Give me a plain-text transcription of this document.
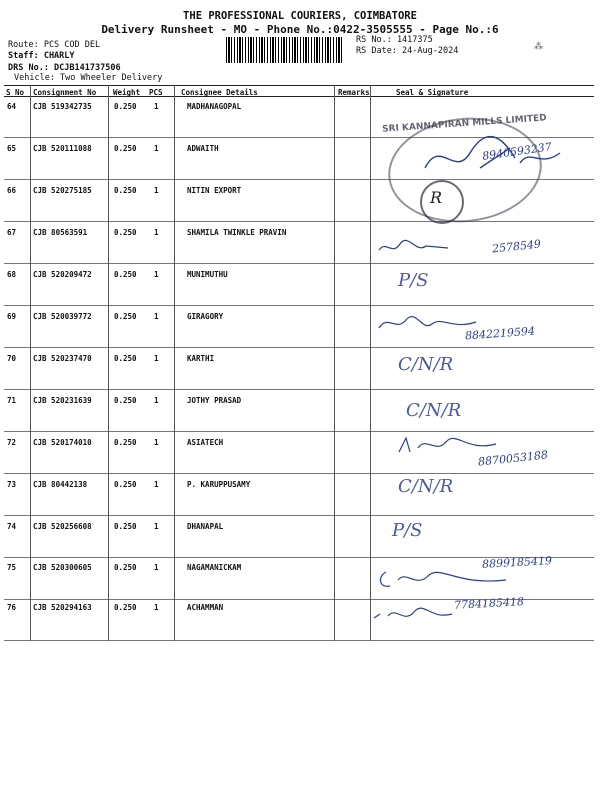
THE PROFESSIONAL COURIERS, COIMBATORE
Delivery Runsheet - MO - Phone No.:0422-3505555 - Page No.:6
Route: PCS COD DEL
Staff: CHARLY
DRS No.: DCJB141737506
Vehicle: Two Wheeler Delivery
RS No.: 1417375
RS Date: 24-Aug-2024	⁂
S No Consignment No Weight PCS Consignee Details	Remarks	Seal & Signature
64 CJB 519342735	0.250 1	MADHANAGOPAL
65 CJB 520111088	0.250 1	ADWAITH
66 CJB 520275185	0.250 1	NITIN EXPORT
67 CJB 80563591	0.250 1	SHAMILA TWINKLE PRAVIN
68 CJB 520209472	0.250 1	MUNIMUTHU
69 CJB 520039772	0.250 1	GIRAGORY
70 CJB 520237470	0.250 1	KARTHI
71 CJB 520231639	0.250 1	JOTHY PRASAD
72 CJB 520174010	0.250 1	ASIATECH
73 CJB 80442138	0.250 1	P. KARUPPUSAMY
74 CJB 520256608	0.250 1	DHANAPAL
75 CJB 520300605	0.250 1	NAGAMANICKAM
76 CJB 520294163	0.250 1	ACHAMMAN
SRI KANNAPIRAN MILLS LIMITED
R
8940593237
2578549
P/S
8842219594
C/N/R
C/N/R
8870053188
C/N/R
P/S
8899185419
7784185418
